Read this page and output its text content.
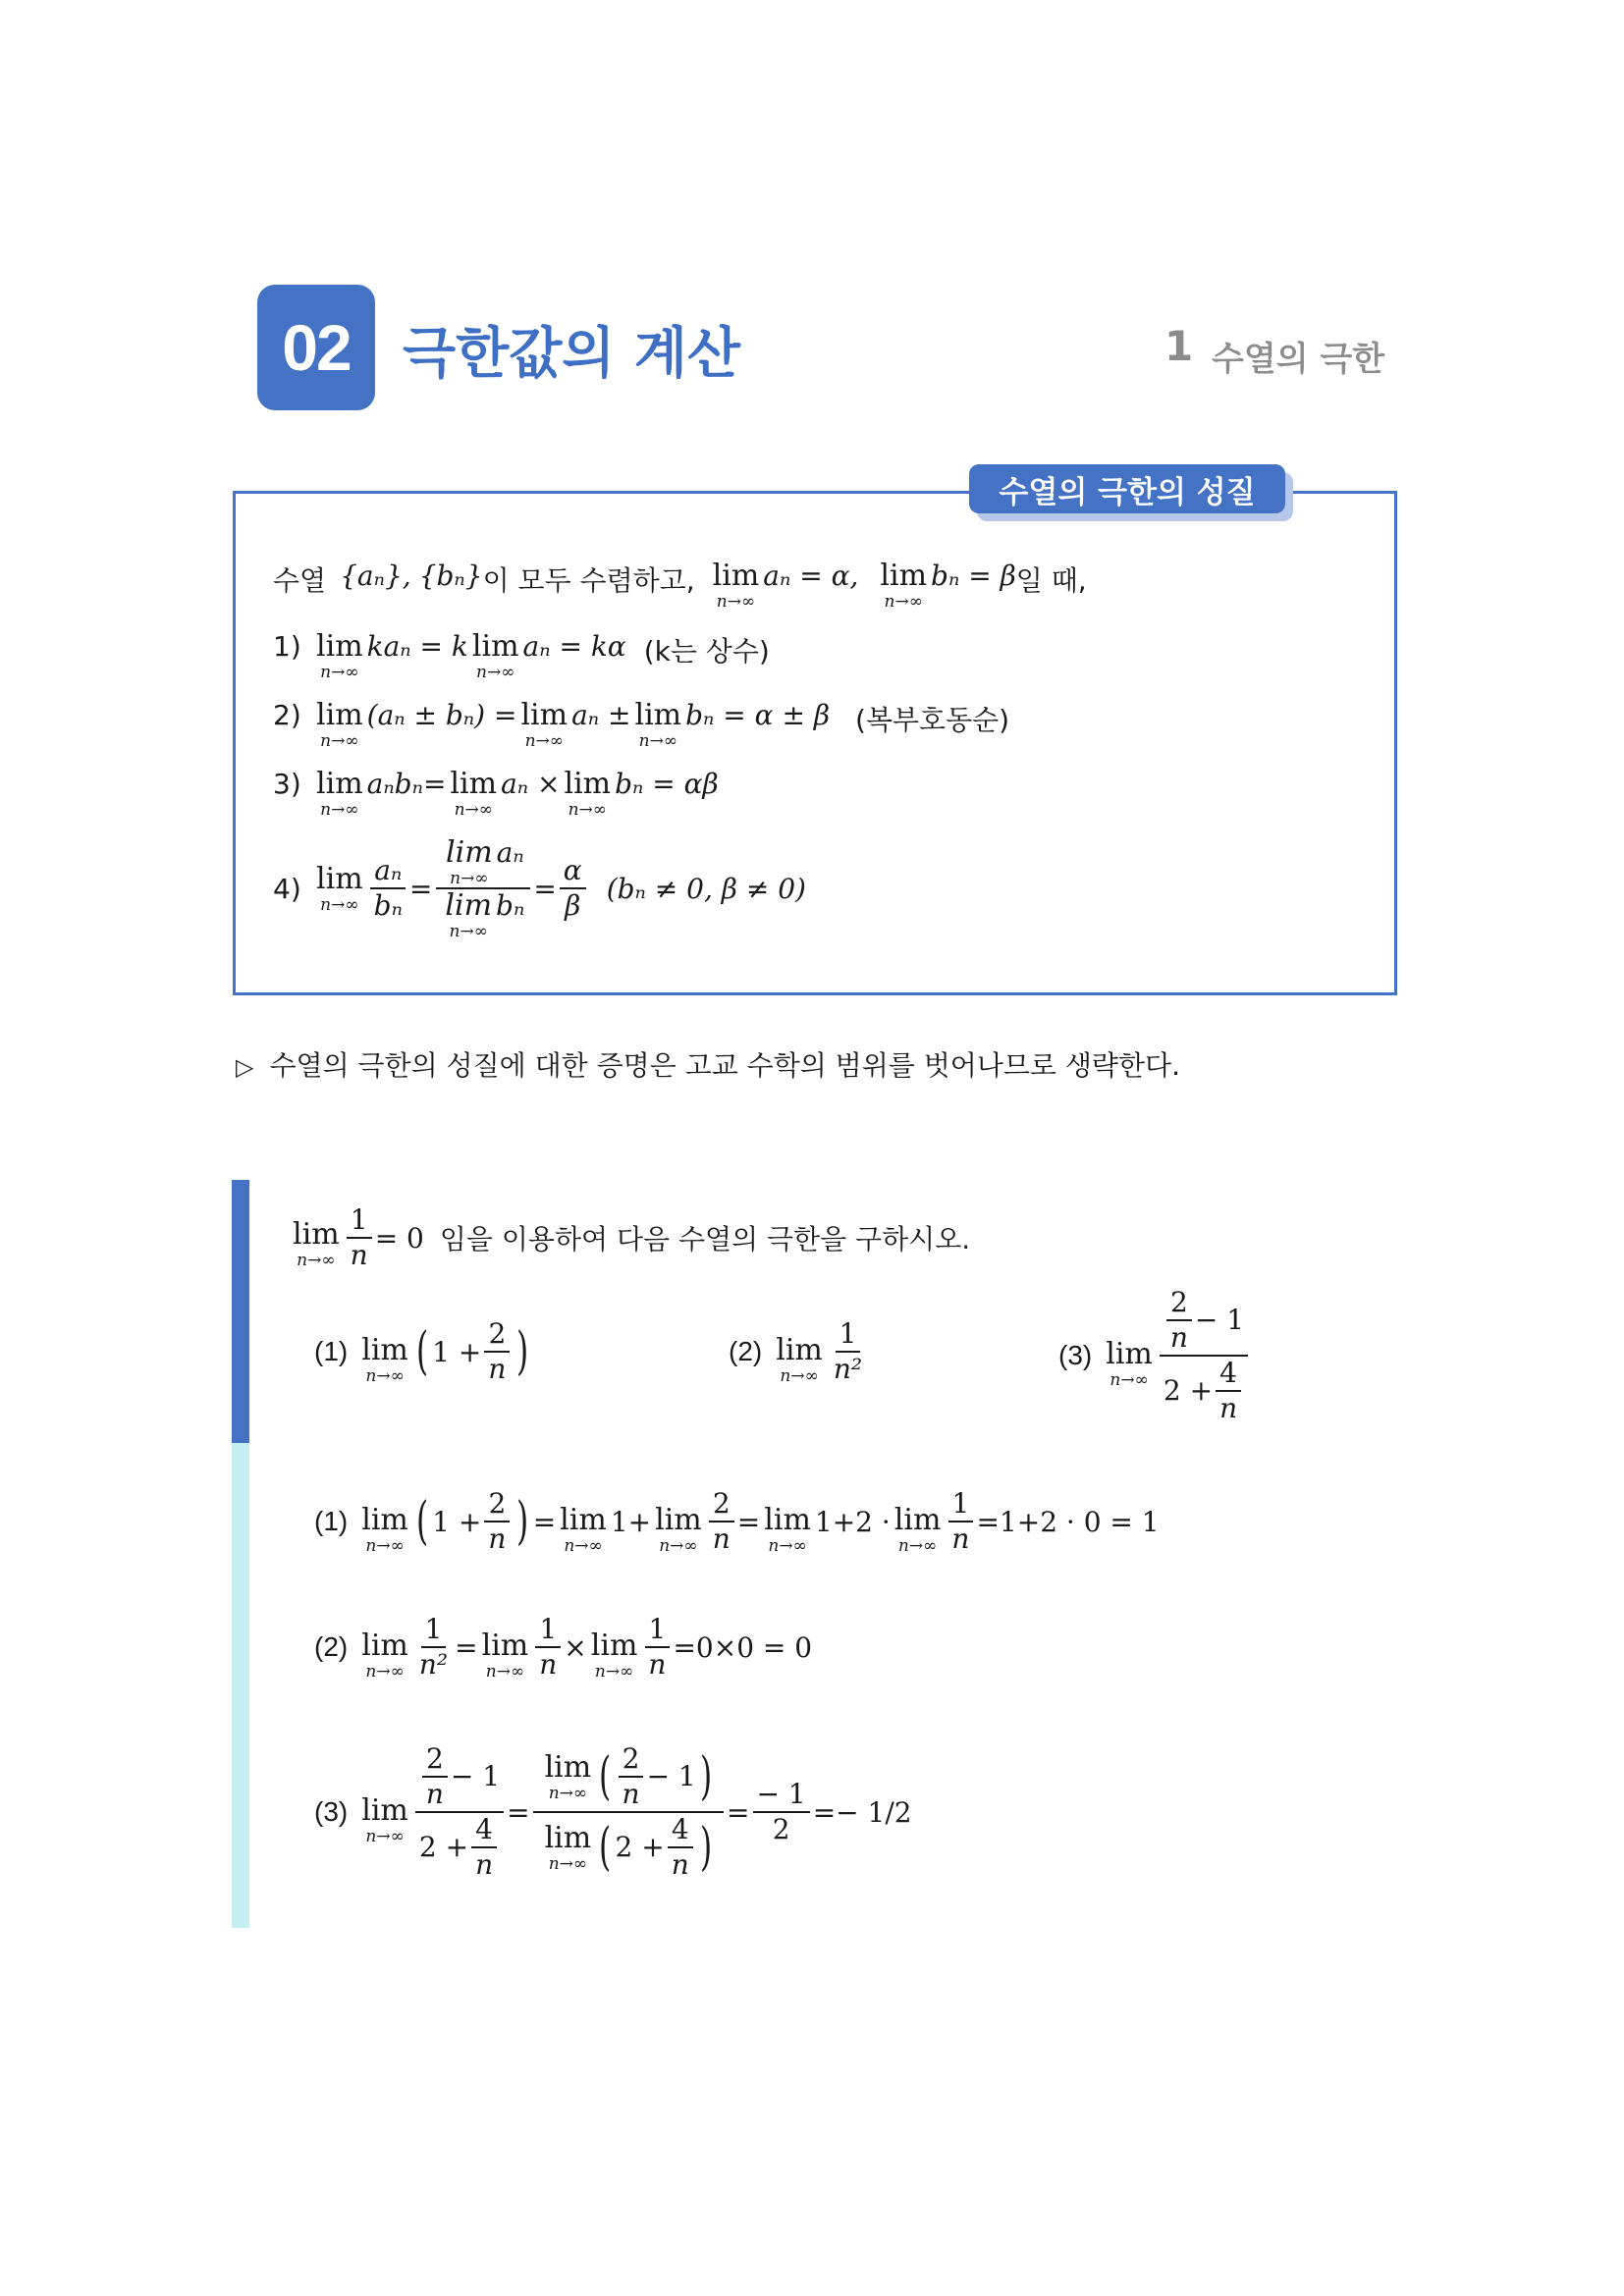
02 극한값의 계산	1 수열의 극한
수열의 극한의 성질
수열 {aₙ}, {bₙ} 이 모두 수렴하고, lim
n→∞
aₙ = α, lim
n→∞
bₙ = β 일 때,
1) lim
n→∞
kaₙ = k lim
n→∞
aₙ = kα (k는 상수)
2) lim
n→∞
(aₙ ± bₙ) = lim
n→∞
aₙ ± lim
n→∞
bₙ = α ± β (복부호동순)
3) lim
n→∞
aₙbₙ= lim
n→∞
aₙ × lim
n→∞
bₙ = αβ
4) lim
$n\to\infty \frac{\text{aₙ}}{\text{bₙ}} = \lim$
n→∞
aₙ
lim
n→∞
$b_n = \frac{\alpha}{\beta} (b_n \ne 0$, β ≠ 0)
▷ 수열의 극한의 성질에 대한 증명은 고교 수학의 범위를 벗어나므로 생략한다.
lim
$n\to\infty \frac{1}{n} = 0$ 임을 이용하여 다음 수열의 극한을 구하시오.
(1) lim
n→∞ ( $1 + \frac{2}{n}$ )	(2) lim
$n\to\infty \frac{1}{\text{n²}}$	(3) lim
$n\to\infty \frac{\frac{2}{n} - 1}{2 + \frac{4}{n}}$
(1) lim
n→∞ ( $1 + \frac{2}{n}$ ) = lim
n→∞
1+ lim
$n\to\infty \frac{2}{n} = \lim$
n→∞
1+2 · lim
$n\to\infty \frac{1}{n} =1+2 \cdot 0 = 1$
(2) lim
$n\to\infty \frac{1}{\text{n²}} = \lim$
$n\to\infty \frac{1}{n} \times \lim$
$n\to\infty \frac{1}{n} =0\times 0 = 0$
(3) lim
$n\to\infty \frac{\frac{2}{n} - 1}{2 + \frac{4}{n}} = \lim$
n→∞ ( $\frac{2}{n} - 1$ )
lim
n→∞ ( $2 + \frac{4}{n}$ ) = $\frac{- 1}{2} =- 1/2$
